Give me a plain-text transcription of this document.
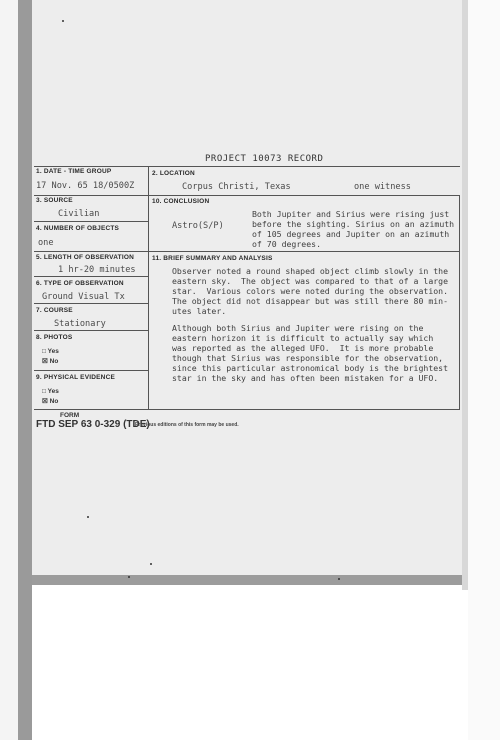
PROJECT 10073 RECORD
1. DATE - TIME GROUP
17 Nov. 65 18/0500Z
2. LOCATION
Corpus Christi, Texas	one witness
3. SOURCE
Civilian
4. NUMBER OF OBJECTS
one
5. LENGTH OF OBSERVATION
1 hr-20 minutes
6. TYPE OF OBSERVATION
Ground Visual Tx
7. COURSE
Stationary
8. PHOTOS
□ Yes
☒ No
9. PHYSICAL EVIDENCE
□ Yes
☒ No
10. CONCLUSION
Astro(S/P)
Both Jupiter and Sirius were rising just
before the sighting. Sirius on an azimuth
of 105 degrees and Jupiter on an azimuth
of 70 degrees.
11. BRIEF SUMMARY AND ANALYSIS
Observer noted a round shaped object climb slowly in the
eastern sky.  The object was compared to that of a large
star.  Various colors were noted during the observation.
The object did not disappear but was still there 80 min-
utes later.
Although both Sirius and Jupiter were rising on the
eastern horizon it is difficult to actually say which
was reported as the alleged UFO.  It is more probable
though that Sirius was responsible for the observation,
since this particular astronomical body is the brightest
star in the sky and has often been mistaken for a UFO.
FORM
FTD SEP 63 0-329 (TDE)
Previous editions of this form may be used.
